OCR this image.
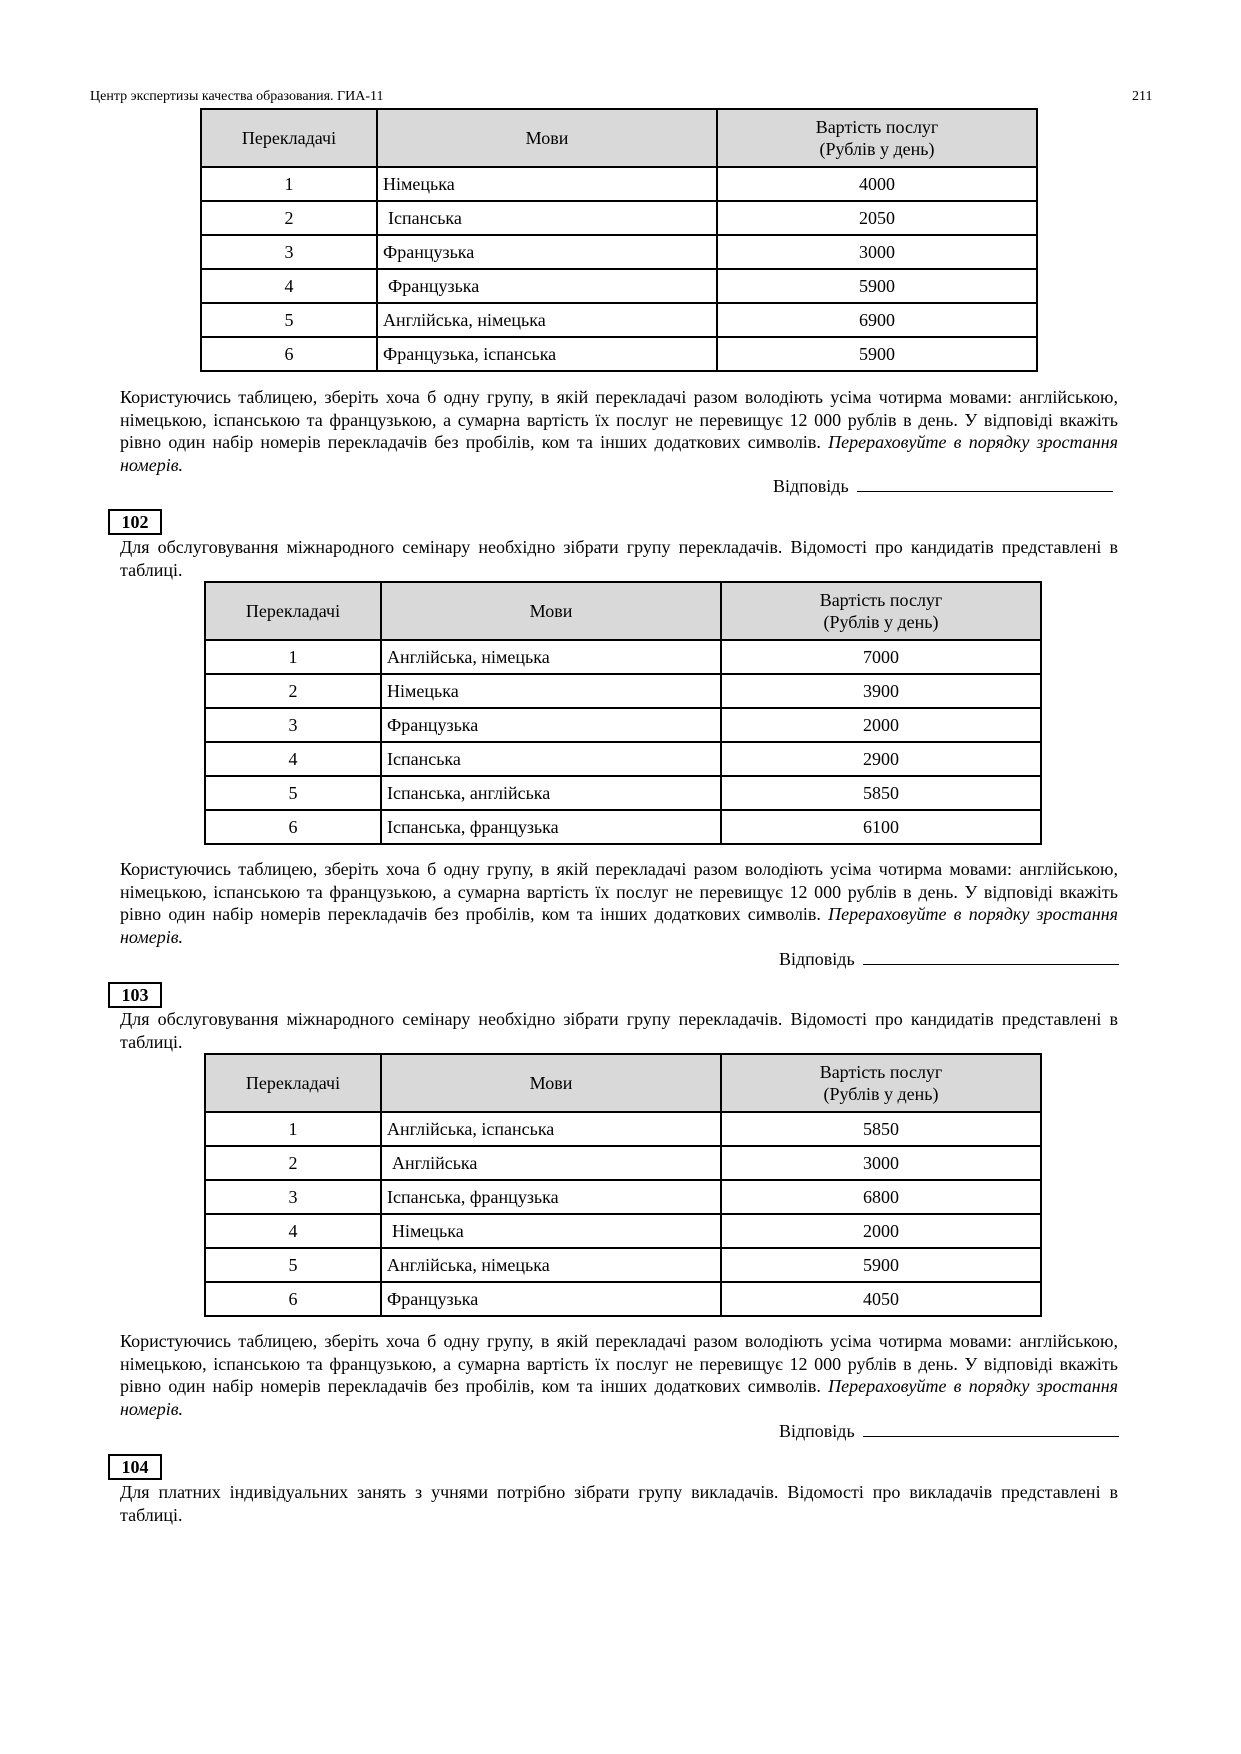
Центр экспертизы качества образования. ГИА-11	211
Перекладачі	Мови	Вартість послуг
(Рублів у день)
1	Німецька	4000
2	Іспанська	2050
3	Французька	3000
4	Французька	5900
5	Англійська, німецька	6900
6	Французька, іспанська	5900
Користуючись таблицею, зберіть хоча б одну групу, в якій перекладачі разом володіють усіма чотирма мовами: англійською, німецькою, іспанською та французькою, а сумарна вартість їх послуг не перевищує 12 000 рублів в день. У відповіді вкажіть рівно один набір номерів перекладачів без пробілів, ком та інших додаткових символів. Перераховуйте в порядку зростання номерів.
Відповідь
102
Для обслуговування міжнародного семінару необхідно зібрати групу перекладачів. Відомості про кандидатів представлені в таблиці.
Перекладачі	Мови	Вартість послуг
(Рублів у день)
1	Англійська, німецька	7000
2	Німецька	3900
3	Французька	2000
4	Іспанська	2900
5	Іспанська, англійська	5850
6	Іспанська, французька	6100
Користуючись таблицею, зберіть хоча б одну групу, в якій перекладачі разом володіють усіма чотирма мовами: англійською, німецькою, іспанською та французькою, а сумарна вартість їх послуг не перевищує 12 000 рублів в день. У відповіді вкажіть рівно один набір номерів перекладачів без пробілів, ком та інших додаткових символів. Перераховуйте в порядку зростання номерів.
Відповідь
103
Для обслуговування міжнародного семінару необхідно зібрати групу перекладачів. Відомості про кандидатів представлені в таблиці.
Перекладачі	Мови	Вартість послуг
(Рублів у день)
1	Англійська, іспанська	5850
2	Англійська	3000
3	Іспанська, французька	6800
4	Німецька	2000
5	Англійська, німецька	5900
6	Французька	4050
Користуючись таблицею, зберіть хоча б одну групу, в якій перекладачі разом володіють усіма чотирма мовами: англійською, німецькою, іспанською та французькою, а сумарна вартість їх послуг не перевищує 12 000 рублів в день. У відповіді вкажіть рівно один набір номерів перекладачів без пробілів, ком та інших додаткових символів. Перераховуйте в порядку зростання номерів.
Відповідь
104
Для платних індивідуальних занять з учнями потрібно зібрати групу викладачів. Відомості про викладачів представлені в таблиці.
